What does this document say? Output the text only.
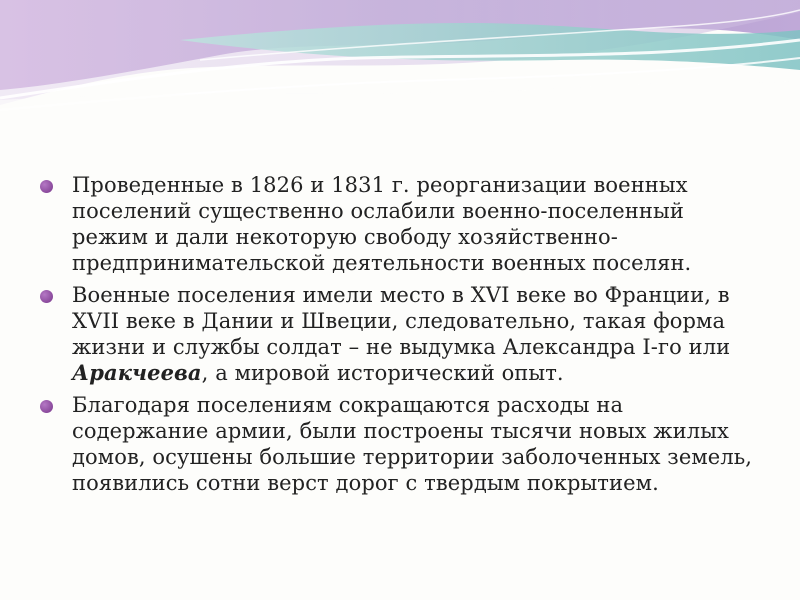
Проведенные в 1826 и 1831 г. реорганизации военных поселений существенно ослабили военно-поселенный режим и дали некоторую свободу хозяйственно-предпринимательской деятельности военных поселян.
Военные поселения имели место в XVI веке во Франции, в XVII веке в Дании и Швеции, следовательно, такая форма жизни и службы солдат – не выдумка Александра I-го или Аракчеева, а мировой исторический опыт.
Благодаря поселениям сокращаются расходы на содержание армии, были построены тысячи новых жилых домов, осушены большие территории заболоченных земель, появились сотни верст дорог с твердым покрытием.
